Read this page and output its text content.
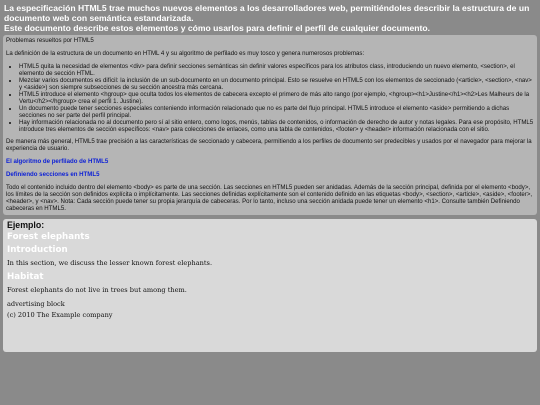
La especificación HTML5 trae muchos nuevos elementos a los desarrolladores web, permitiéndoles describir la estructura de un documento web con semántica estandarizada.

Este documento describe estos elementos y cómo usarlos para definir el perfil de cualquier documento.

Problemas resueltos por HTML5

La definición de la estructura de un documento en HTML 4 y su algoritmo de perfilado es muy tosco y genera numerosos problemas:

• HTML5 quita la necesidad de elementos <div> para definir secciones semánticas sin definir valores específicos para los atributos class, introduciendo un nuevo elemento, <section>, el elemento de sección HTML.
• Mezclar varios documentos es difícil: la inclusión de un sub-documento en un documento principal. Esto se resuelve en HTML5 con los elementos de seccionado (<article>, <section>, <nav> y <aside>) son siempre subsecciones de su sección ancestra más cercana.
• HTML5 introduce el elemento <hgroup> que oculta todos los elementos de cabecera excepto el primero de más alto rango (por ejemplo, <hgroup><h1>Justine</h1><h2>Les Malheurs de la Vertu</h2></hgroup> crea el perfil 1. Justine).
• Un documento puede tener secciones especiales conteniendo información relacionado que no es parte del flujo principal. HTML5 introduce el elemento <aside> permitiendo a dichas secciones no ser parte del perfil principal.
• Hay información relacionada no al documento pero sí al sitio entero, como logos, menús, tablas de contenidos, o información de derecho de autor y notas legales. Para ese propósito, HTML5 introduce tres elementos de sección específicos: <nav> para colecciones de enlaces, como una tabla de contenidos, <footer> y <header> información relacionada con el sitio.

De manera más general, HTML5 trae precisión a las características de seccionado y cabecera, permitiendo a los perfiles de documento ser predecibles y usados por el navegador para mejorar la experiencia de usuario.

El algoritmo de perfilado de HTML5
Definiendo secciones en HTML5

Todo el contenido incluido dentro del elemento <body> es parte de una sección. Las secciones en HTML5 pueden ser anidadas. Además de la sección principal, definida por el elemento <body>, los límites de la sección son definidos explícita o implícitamente. Las secciones definidas explícitamente son el contenido definido en las etiquetas <body>, <section>, <article>, <aside>, <footer>, <header>, y <nav>. Nota: Cada sección puede tener su propia jerarquía de cabeceras. Por lo tanto, incluso una sección anidada puede tener un elemento <h1>. Consulte también Definiendo cabeceras en HTML5.

Ejemplo:
Forest elephants
Introduction

In this section, we discuss the lesser known forest elephants.

Habitat

Forest elephants do not live in trees but among them.

advertising block

(c) 2010 The Example company
